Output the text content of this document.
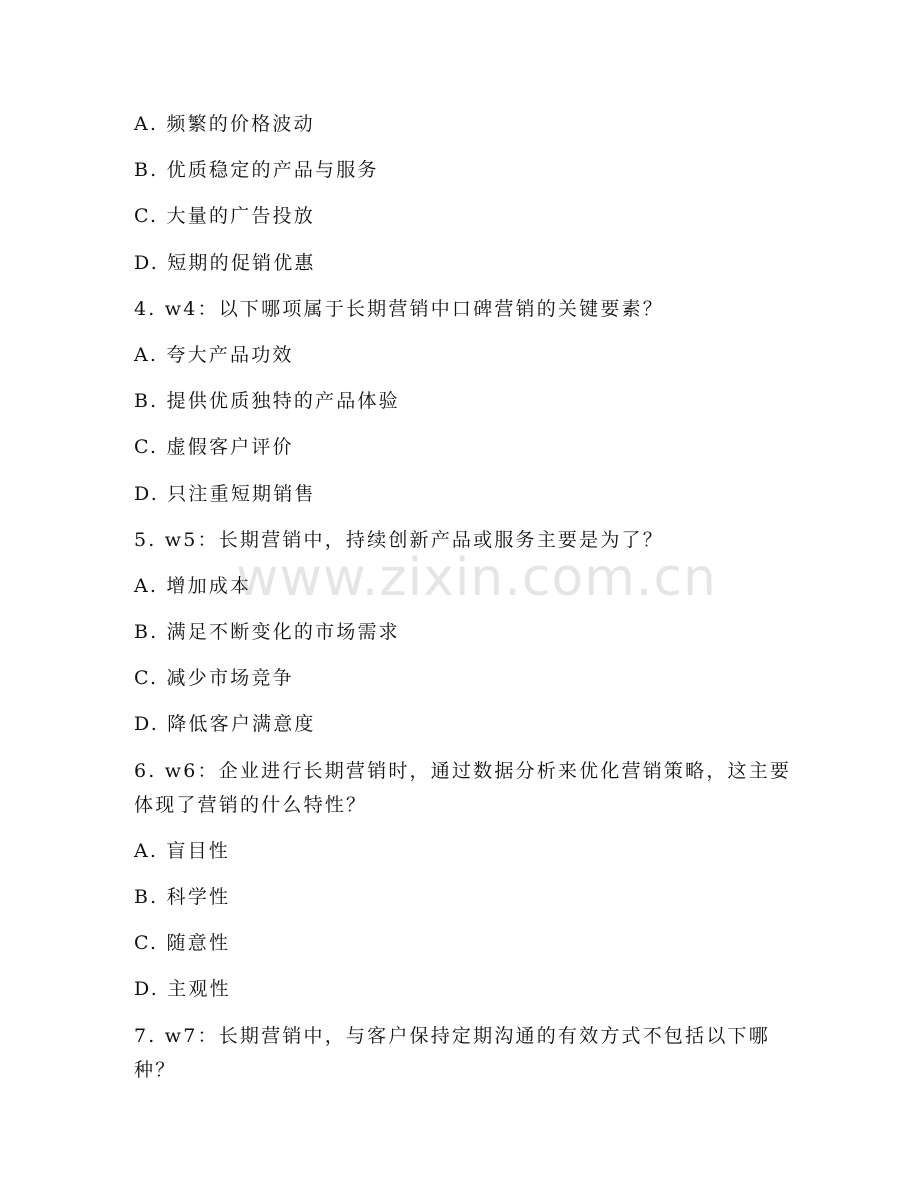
A. 频繁的价格波动

B. 优质稳定的产品与服务

C. 大量的广告投放

D. 短期的促销优惠

4. w4：以下哪项属于长期营销中口碑营销的关键要素？

A. 夸大产品功效

B. 提供优质独特的产品体验

C. 虚假客户评价

D. 只注重短期销售

5. w5：长期营销中，持续创新产品或服务主要是为了？

A. 增加成本

B. 满足不断变化的市场需求

C. 减少市场竞争

D. 降低客户满意度

6. w6：企业进行长期营销时，通过数据分析来优化营销策略，这主要体现了营销的什么特性？

A. 盲目性

B. 科学性

C. 随意性

D. 主观性

7. w7：长期营销中，与客户保持定期沟通的有效方式不包括以下哪种？

www.zixin.com.cn
